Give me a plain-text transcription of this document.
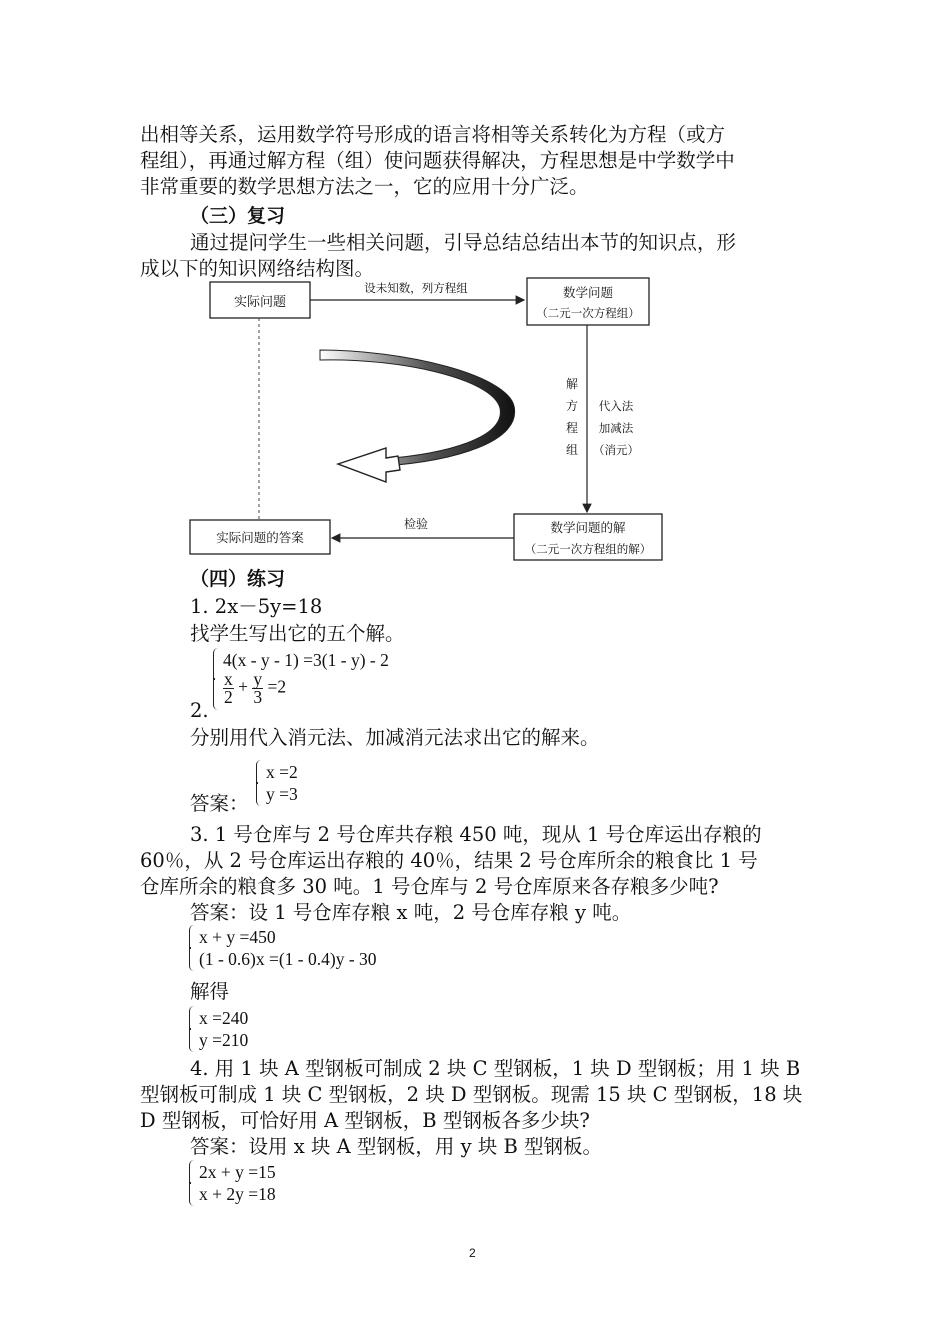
出相等关系，运用数学符号形成的语言将相等关系转化为方程（或方
程组），再通过解方程（组）使问题获得解决，方程思想是中学数学中
非常重要的数学思想方法之一，它的应用十分广泛。
（三）复习
通过提问学生一些相关问题，引导总结总结出本节的知识点，形
成以下的知识网络结构图。
实际问题
设未知数，列方程组	数学问题
（二元一次方程组）
解
方
程
组
代入法
加减法
（消元）
数学问题的解
（二元一次方程组的解）
检验
实际问题的答案
（四）练习
1. 2x－5y=18
找学生写出它的五个解。
4(x - y - 1) =3(1 - y) - 2
$\frac{x}{2} + \frac{y}{3} =2$
2.
分别用代入消元法、加减消元法求出它的解来。
x =2
y =3
答案：
3. 1 号仓库与 2 号仓库共存粮 450 吨，现从 1 号仓库运出存粮的
60％，从 2 号仓库运出存粮的 40％，结果 2 号仓库所余的粮食比 1 号
仓库所余的粮食多 30 吨。1 号仓库与 2 号仓库原来各存粮多少吨?
答案：设 1 号仓库存粮 x 吨，2 号仓库存粮 y 吨。
x + y =450
(1 - 0.6)x =(1 - 0.4)y - 30
解得
x =240
y =210
4. 用 1 块 A 型钢板可制成 2 块 C 型钢板，1 块 D 型钢板；用 1 块 B
型钢板可制成 1 块 C 型钢板，2 块 D 型钢板。现需 15 块 C 型钢板，18 块
D 型钢板，可恰好用 A 型钢板，B 型钢板各多少块?
答案：设用 x 块 A 型钢板，用 y 块 B 型钢板。
2x + y =15
x + 2y =18
2
